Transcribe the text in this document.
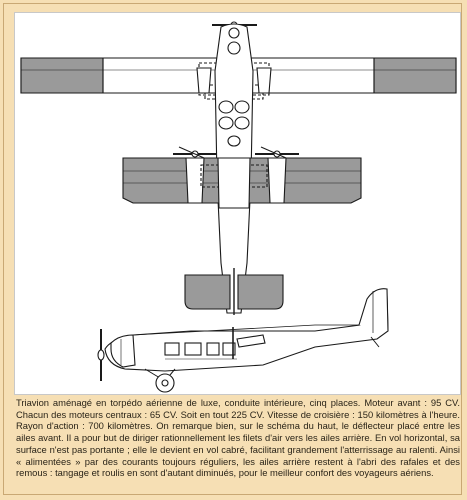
Triavion aménagé en torpédo aérienne de luxe, conduite intérieure, cinq places. Moteur avant : 95 CV. Chacun des moteurs centraux : 65 CV. Soit en tout 225 CV. Vitesse de croisière : 150 kilomètres à l'heure. Rayon d'action : 700 kilomètres. On remarque bien, sur le schéma du haut, le déflecteur placé entre les ailes avant. Il a pour but de diriger rationnellement les filets d'air vers les ailes arrière. En vol horizontal, sa surface n'est pas portante ; elle le devient en vol cabré, facilitant grandement l'atterrissage au ralenti. Ainsi « alimentées » par des courants toujours réguliers, les ailes arrière restent à l'abri des rafales et des remous : tangage et roulis en sont d'autant diminués, pour le meilleur confort des voyageurs aériens.
